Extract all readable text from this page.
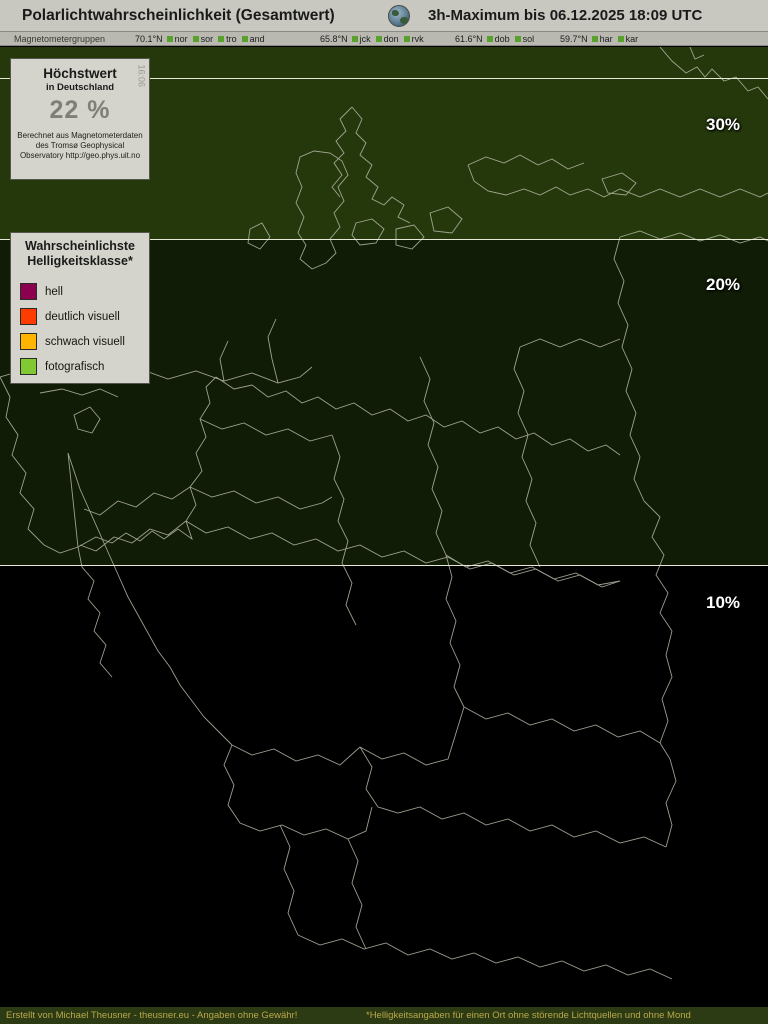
Polarlichtwahrscheinlichkeit (Gesamtwert)	3h-Maximum bis 06.12.2025 18:09 UTC
Magnetometergruppen	70.1°N nor sor tro and	65.8°N jck don rvk	61.6°N dob sol	59.7°N har kar
30%
20%
10%
Höchstwert
in Deutschland
22 %
Berechnet aus Magnetometerdaten des Tromsø Geophysical Observatory http://geo.phys.uit.no
16:06
Wahrscheinlichste
Helligkeitsklasse*
hell
deutlich visuell
schwach visuell
fotografisch
Erstellt von Michael Theusner - theusner.eu - Angaben ohne Gewähr!	*Helligkeitsangaben für einen Ort ohne störende Lichtquellen und ohne Mond
